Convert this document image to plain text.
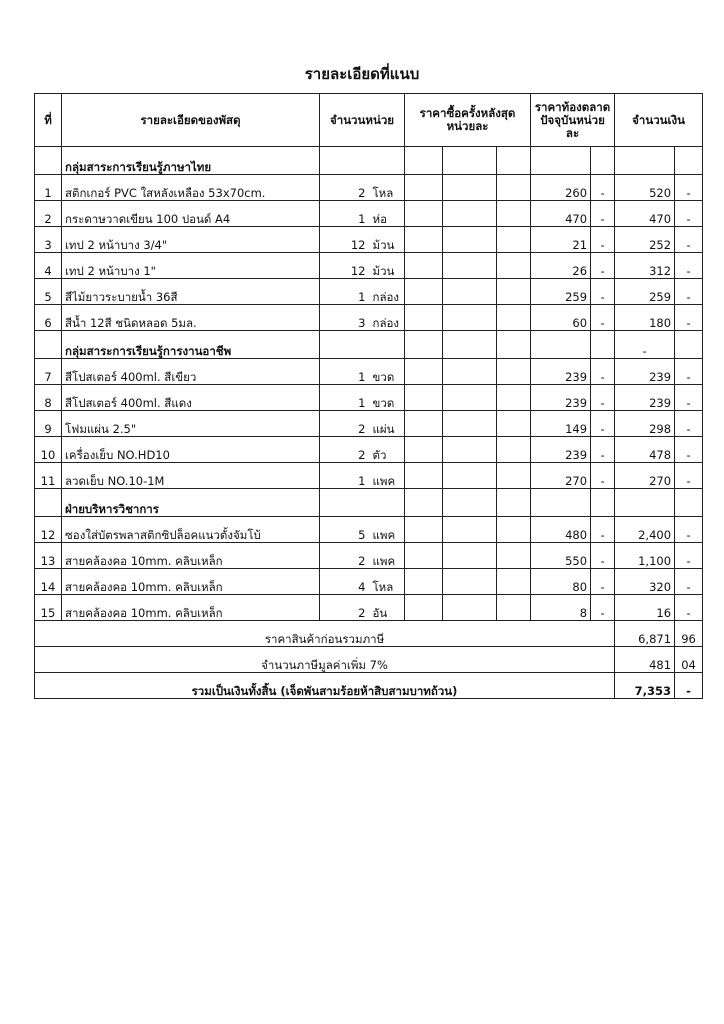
รายละเอียดที่แนบ
ที่	รายละเอียดของพัสดุ	จำนวนหน่วย		ราคาซื้อครั้งหลังสุดหน่วยละ			ราคาท้องตลาดปัจจุบันหน่วยละ		จำนวนเงิน	
	กลุ่มสาระการเรียนรู้ภาษาไทย									
1	สติกเกอร์ PVC ใสหลังเหลือง 53x70cm.	2	โหล				260	-	520	-
2	กระดาษวาดเขียน 100 ปอนด์ A4	1	ห่อ				470	-	470	-
3	เทป 2 หน้าบาง 3/4"	12	ม้วน				21	-	252	-
4	เทป 2 หน้าบาง 1"	12	ม้วน				26	-	312	-
5	สีไม้ยาวระบายน้ำ 36สี	1	กล่อง				259	-	259	-
6	สีน้ำ 12สี ชนิดหลอด 5มล.	3	กล่อง				60	-	180	-
	กลุ่มสาระการเรียนรู้การงานอาชีพ								-	
7	สีโปสเตอร์ 400ml. สีเขียว	1	ขวด				239	-	239	-
8	สีโปสเตอร์ 400ml. สีแดง	1	ขวด				239	-	239	-
9	โฟมแผ่น 2.5"	2	แผ่น				149	-	298	-
10	เครื่องเย็บ NO.HD10	2	ตัว				239	-	478	-
11	ลวดเย็บ NO.10-1M	1	แพค				270	-	270	-
	ฝ่ายบริหารวิชาการ									
12	ซองใส่บัตรพลาสติกซิปล็อคแนวตั้งจัมโบ้	5	แพค				480	-	2,400	-
13	สายคล้องคอ 10mm. คลิบเหล็ก	2	แพค				550	-	1,100	-
14	สายคล้องคอ 10mm. คลิบเหล็ก	4	โหล				80	-	320	-
15	สายคล้องคอ 10mm. คลิบเหล็ก	2	อัน				8	-	16	-
ราคาสินค้าก่อนรวมภาษี									6,871	96
จำนวนภาษีมูลค่าเพิ่ม 7%									481	04
รวมเป็นเงินทั้งสิ้น (เจ็ดพันสามร้อยห้าสิบสามบาทถ้วน)									7,353	-
